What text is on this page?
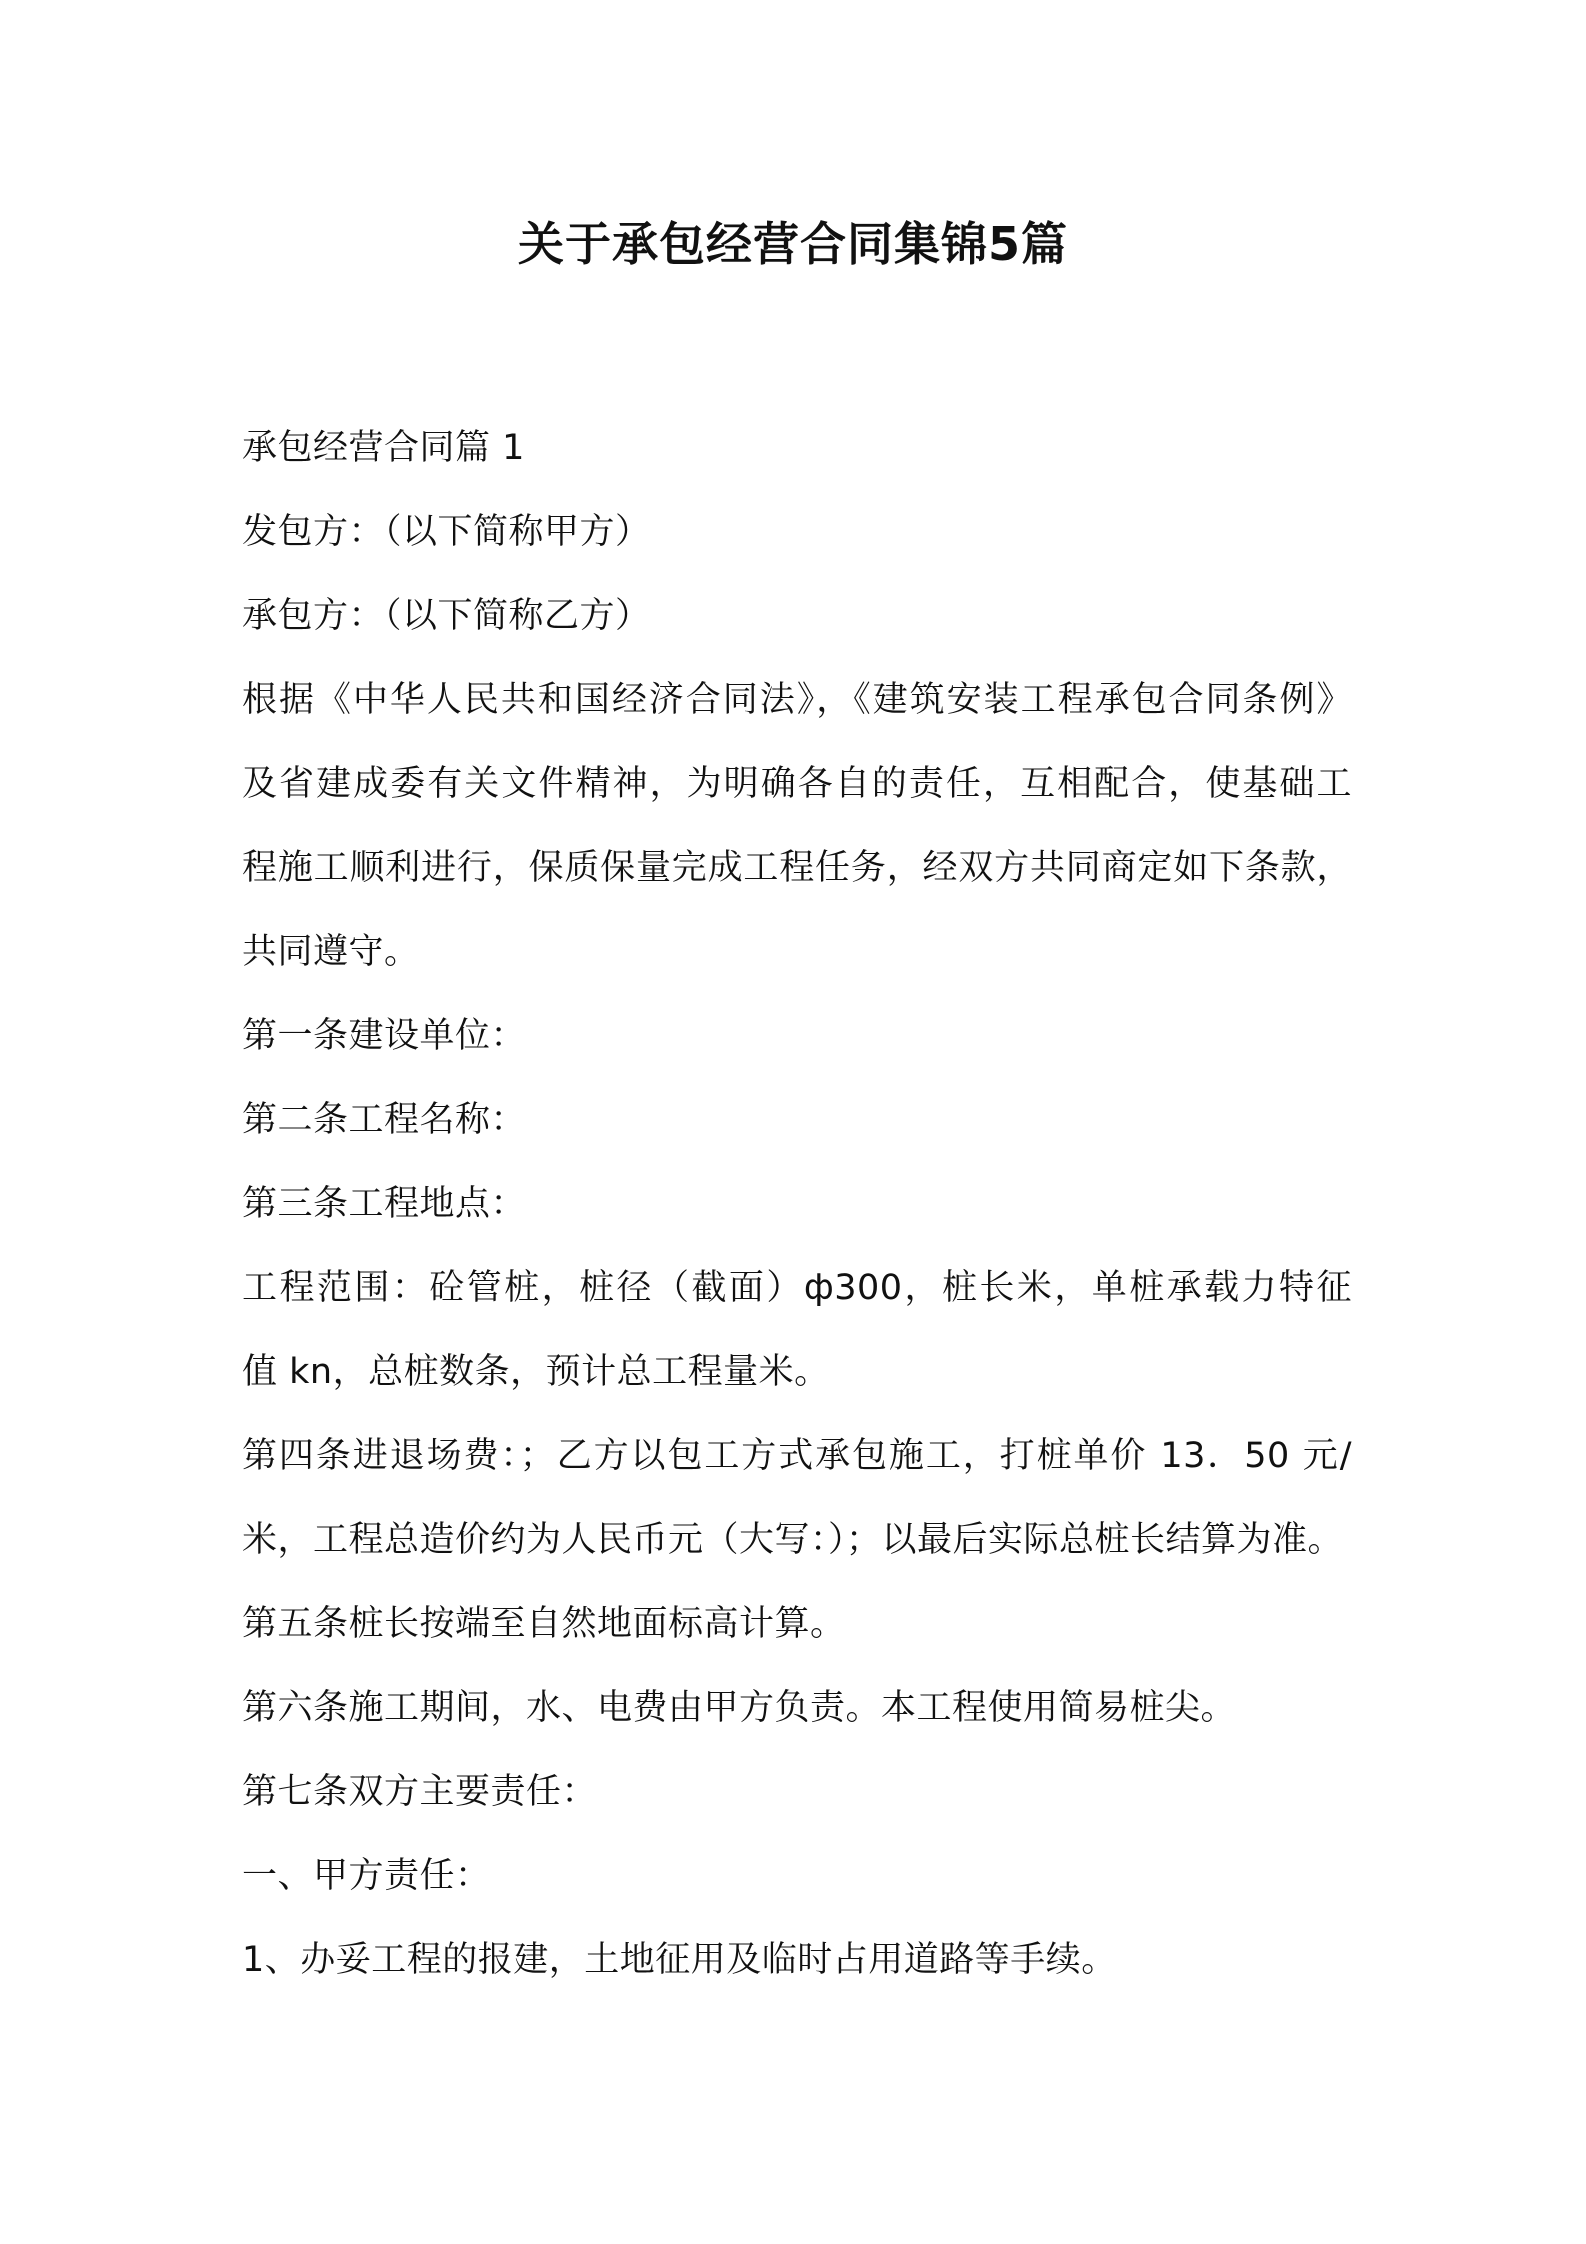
关于承包经营合同集锦5篇

承包经营合同篇 1

发包方：（以下简称甲方）

承包方：（以下简称乙方）

根据《中华人民共和国经济合同法》，《建筑安装工程承包合同条例》

及省建成委有关文件精神，为明确各自的责任，互相配合，使基础工

程施工顺利进行，保质保量完成工程任务，经双方共同商定如下条款，

共同遵守。

第一条建设单位：

第二条工程名称：

第三条工程地点：

工程范围：砼管桩，桩径（截面）ф300，桩长米，单桩承载力特征

值 kn，总桩数条，预计总工程量米。

第四条进退场费：；乙方以包工方式承包施工，打桩单价 13．50 元/

米，工程总造价约为人民币元（大写：）；以最后实际总桩长结算为准。

第五条桩长按端至自然地面标高计算。

第六条施工期间，水、电费由甲方负责。本工程使用简易桩尖。

第七条双方主要责任：

一、甲方责任：

1、办妥工程的报建，土地征用及临时占用道路等手续。
